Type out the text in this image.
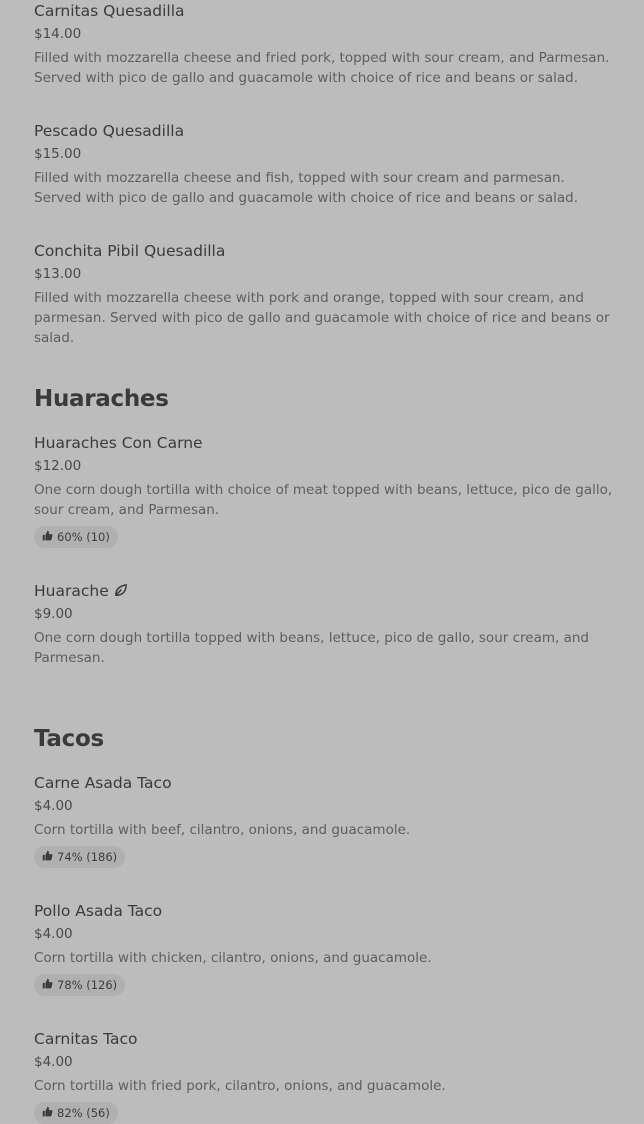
Carnitas Quesadilla
$14.00
Filled with mozzarella cheese and fried pork, topped with sour cream, and Parmesan. Served with pico de gallo and guacamole with choice of rice and beans or salad.
Pescado Quesadilla
$15.00
Filled with mozzarella cheese and fish, topped with sour cream and parmesan. Served with pico de gallo and guacamole with choice of rice and beans or salad.
Conchita Pibil Quesadilla
$13.00
Filled with mozzarella cheese with pork and orange, topped with sour cream, and parmesan. Served with pico de gallo and guacamole with choice of rice and beans or salad.
Huaraches
Huaraches Con Carne
$12.00
One corn dough tortilla with choice of meat topped with beans, lettuce, pico de gallo, sour cream, and Parmesan.
60% (10)
Huarache
$9.00
One corn dough tortilla topped with beans, lettuce, pico de gallo, sour cream, and Parmesan.
Tacos
Carne Asada Taco
$4.00
Corn tortilla with beef, cilantro, onions, and guacamole.
74% (186)
Pollo Asada Taco
$4.00
Corn tortilla with chicken, cilantro, onions, and guacamole.
78% (126)
Carnitas Taco
$4.00
Corn tortilla with fried pork, cilantro, onions, and guacamole.
82% (56)
